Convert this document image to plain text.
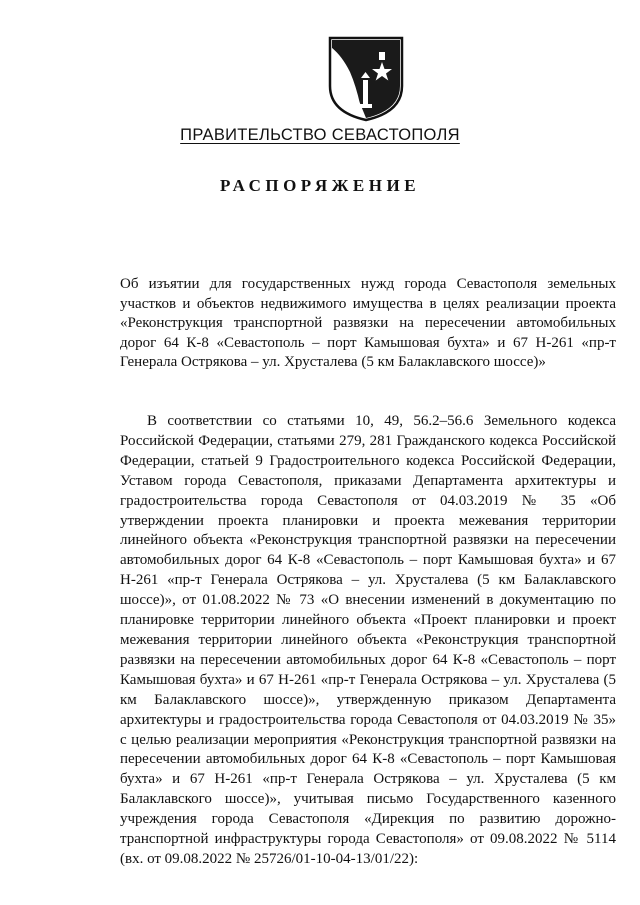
ПРАВИТЕЛЬСТВО СЕВАСТОПОЛЯ
РАСПОРЯЖЕНИЕ
Об изъятии для государственных нужд города Севастополя земельных участков и объектов недвижимого имущества в целях реализации проекта «Реконструкция транспортной развязки на пересечении автомобильных дорог 64 К-8 «Севастополь – порт Камышовая бухта» и 67 Н-261 «пр-т Генерала Острякова – ул. Хрусталева (5 км Балаклавского шоссе)»

В соответствии со статьями 10, 49, 56.2–56.6 Земельного кодекса Российской Федерации, статьями 279, 281 Гражданского кодекса Российской Федерации, статьей 9 Градостроительного кодекса Российской Федерации, Уставом города Севастополя, приказами Департамента архитектуры и градостроительства города Севастополя от 04.03.2019 № 35 «Об утверждении проекта планировки и проекта межевания территории линейного объекта «Реконструкция транспортной развязки на пересечении автомобильных дорог 64 К-8 «Севастополь – порт Камышовая бухта» и 67 Н-261 «пр-т Генерала Острякова – ул. Хрусталева (5 км Балаклавского шоссе)», от 01.08.2022 № 73 «О внесении изменений в документацию по планировке территории линейного объекта «Проект планировки и проект межевания территории линейного объекта «Реконструкция транспортной развязки на пересечении автомобильных дорог 64 К-8 «Севастополь – порт Камышовая бухта» и 67 Н-261 «пр-т Генерала Острякова – ул. Хрусталева (5 км Балаклавского шоссе)», утвержденную приказом Департамента архитектуры и градостроительства города Севастополя от 04.03.2019 № 35» с целью реализации мероприятия «Реконструкция транспортной развязки на пересечении автомобильных дорог 64 К-8 «Севастополь – порт Камышовая бухта» и 67 Н-261 «пр-т Генерала Острякова – ул. Хрусталева (5 км Балаклавского шоссе)», учитывая письмо Государственного казенного учреждения города Севастополя «Дирекция по развитию дорожно-транспортной инфраструктуры города Севастополя» от 09.08.2022 № 5114 (вх. от 09.08.2022 № 25726/01-10-04-13/01/22):
